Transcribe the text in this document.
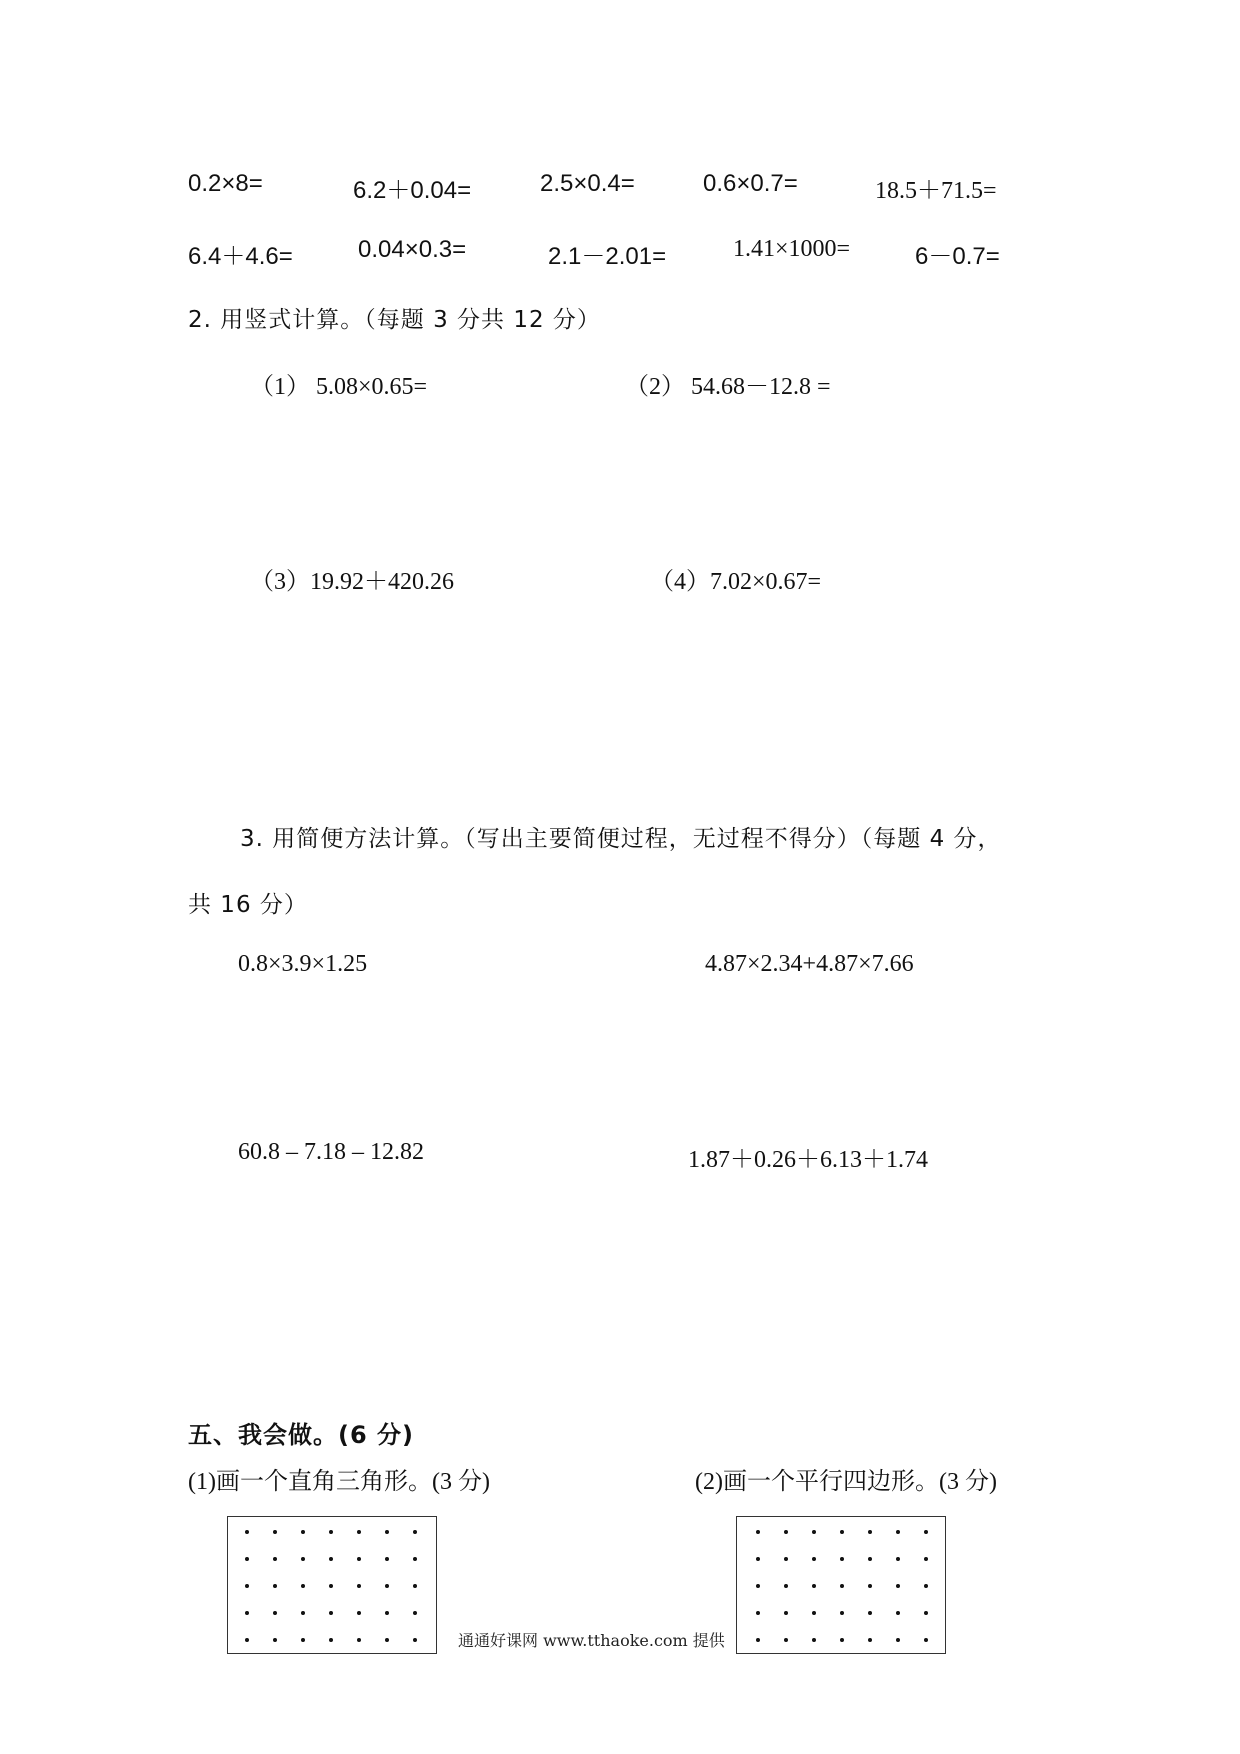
0.2×8=	6.2＋0.04=	2.5×0.4=	0.6×0.7=	18.5＋71.5=
6.4＋4.6=	0.04×0.3=	2.1－2.01=	1.41×1000=	6－0.7=
2. 用竖式计算。（每题 3 分共 12 分）
（1） 5.08×0.65=	（2） 54.68－12.8 =
（3）19.92＋420.26	（4）7.02×0.67=
3. 用简便方法计算。（写出主要简便过程，无过程不得分）（每题 4 分，
共 16 分）
0.8×3.9×1.25	4.87×2.34+4.87×7.66
60.8 – 7.18 – 12.82	1.87＋0.26＋6.13＋1.74
五、我会做。(6 分)
(1)画一个直角三角形。(3 分)	(2)画一个平行四边形。(3 分)
通通好课网 www.tthaoke.com 提供
